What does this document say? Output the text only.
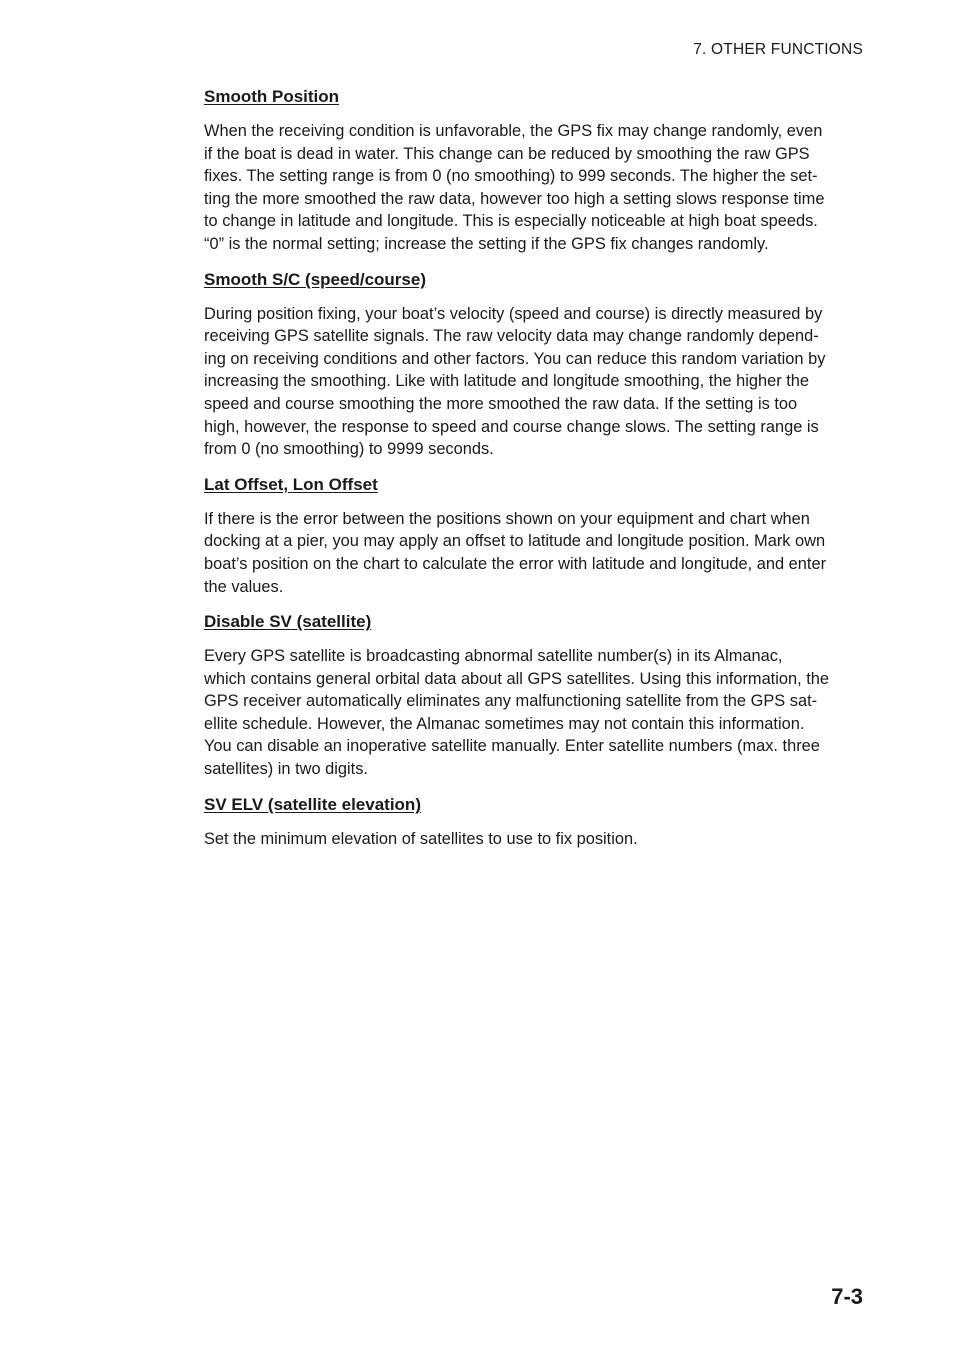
7. OTHER FUNCTIONS
Smooth Position

When the receiving condition is unfavorable, the GPS fix may change randomly, even
if the boat is dead in water. This change can be reduced by smoothing the raw GPS
fixes. The setting range is from 0 (no smoothing) to 999 seconds. The higher the set-
ting the more smoothed the raw data, however too high a setting slows response time
to change in latitude and longitude. This is especially noticeable at high boat speeds.
“0” is the normal setting; increase the setting if the GPS fix changes randomly.

Smooth S/C (speed/course)

During position fixing, your boat’s velocity (speed and course) is directly measured by
receiving GPS satellite signals. The raw velocity data may change randomly depend-
ing on receiving conditions and other factors. You can reduce this random variation by
increasing the smoothing. Like with latitude and longitude smoothing, the higher the
speed and course smoothing the more smoothed the raw data. If the setting is too
high, however, the response to speed and course change slows. The setting range is
from 0 (no smoothing) to 9999 seconds.

Lat Offset, Lon Offset

If there is the error between the positions shown on your equipment and chart when
docking at a pier, you may apply an offset to latitude and longitude position. Mark own
boat’s position on the chart to calculate the error with latitude and longitude, and enter
the values.

Disable SV (satellite)

Every GPS satellite is broadcasting abnormal satellite number(s) in its Almanac,
which contains general orbital data about all GPS satellites. Using this information, the
GPS receiver automatically eliminates any malfunctioning satellite from the GPS sat-
ellite schedule. However, the Almanac sometimes may not contain this information.
You can disable an inoperative satellite manually. Enter satellite numbers (max. three
satellites) in two digits.

SV ELV (satellite elevation)

Set the minimum elevation of satellites to use to fix position.

7-3
